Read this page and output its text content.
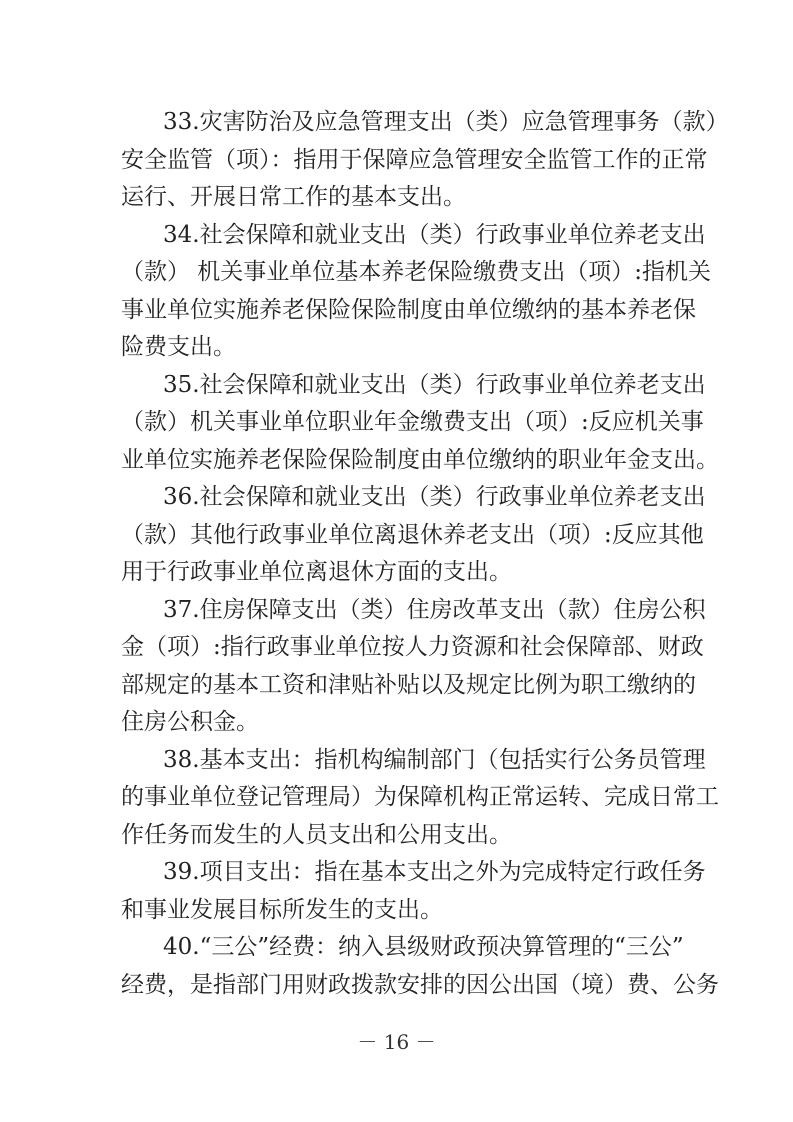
33.灾害防治及应急管理支出（类）应急管理事务（款）
安全监管（项）：指用于保障应急管理安全监管工作的正常
运行、开展日常工作的基本支出。
34.社会保障和就业支出（类）行政事业单位养老支出
（款） 机关事业单位基本养老保险缴费支出（项）:指机关
事业单位实施养老保险保险制度由单位缴纳的基本养老保
险费支出。
35.社会保障和就业支出（类）行政事业单位养老支出
（款）机关事业单位职业年金缴费支出（项）:反应机关事
业单位实施养老保险保险制度由单位缴纳的职业年金支出。
36.社会保障和就业支出（类）行政事业单位养老支出
（款）其他行政事业单位离退休养老支出（项）:反应其他
用于行政事业单位离退休方面的支出。
37.住房保障支出（类）住房改革支出（款）住房公积
金（项）:指行政事业单位按人力资源和社会保障部、财政
部规定的基本工资和津贴补贴以及规定比例为职工缴纳的
住房公积金。
38.基本支出：指机构编制部门（包括实行公务员管理
的事业单位登记管理局）为保障机构正常运转、完成日常工
作任务而发生的人员支出和公用支出。
39.项目支出：指在基本支出之外为完成特定行政任务
和事业发展目标所发生的支出。
40.“三公”经费：纳入县级财政预决算管理的“三公”
经费，是指部门用财政拨款安排的因公出国（境）费、公务
－ 16 －
